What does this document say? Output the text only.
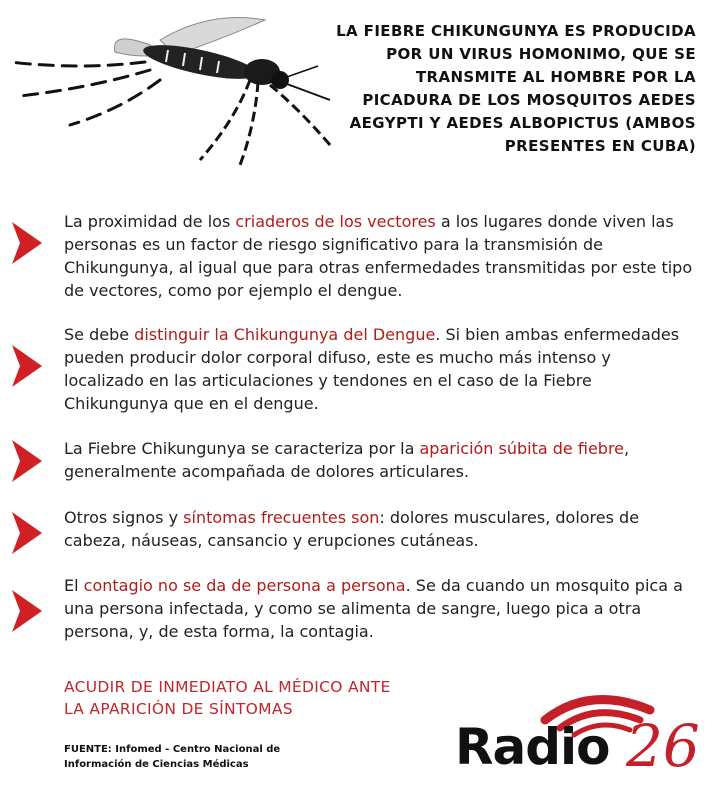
LA FIEBRE CHIKUNGUNYA ES PRODUCIDA
POR UN VIRUS HOMONIMO, QUE SE
TRANSMITE AL HOMBRE POR LA
PICADURA DE LOS MOSQUITOS AEDES
AEGYPTI Y AEDES ALBOPICTUS (AMBOS
PRESENTES EN CUBA)
La proximidad de los criaderos de los vectores a los lugares donde viven las personas es un factor de riesgo significativo para la transmisión de Chikungunya, al igual que para otras enfermedades transmitidas por este tipo de vectores, como por ejemplo el dengue.
Se debe distinguir la Chikungunya del Dengue. Si bien ambas enfermedades pueden producir dolor corporal difuso, este es mucho más intenso y localizado en las articulaciones y tendones en el caso de la Fiebre Chikungunya que en el dengue.
La Fiebre Chikungunya se caracteriza por la aparición súbita de fiebre, generalmente acompañada de dolores articulares.
Otros signos y síntomas frecuentes son: dolores musculares, dolores de cabeza, náuseas, cansancio y erupciones cutáneas.
El contagio no se da de persona a persona. Se da cuando un mosquito pica a una persona infectada, y como se alimenta de sangre, luego pica a otra persona, y, de esta forma, la contagia.
ACUDIR DE INMEDIATO AL MÉDICO ANTE
LA APARICIÓN DE SÍNTOMAS
FUENTE: Infomed - Centro Nacional de
Información de Ciencias Médicas	Radio 26
